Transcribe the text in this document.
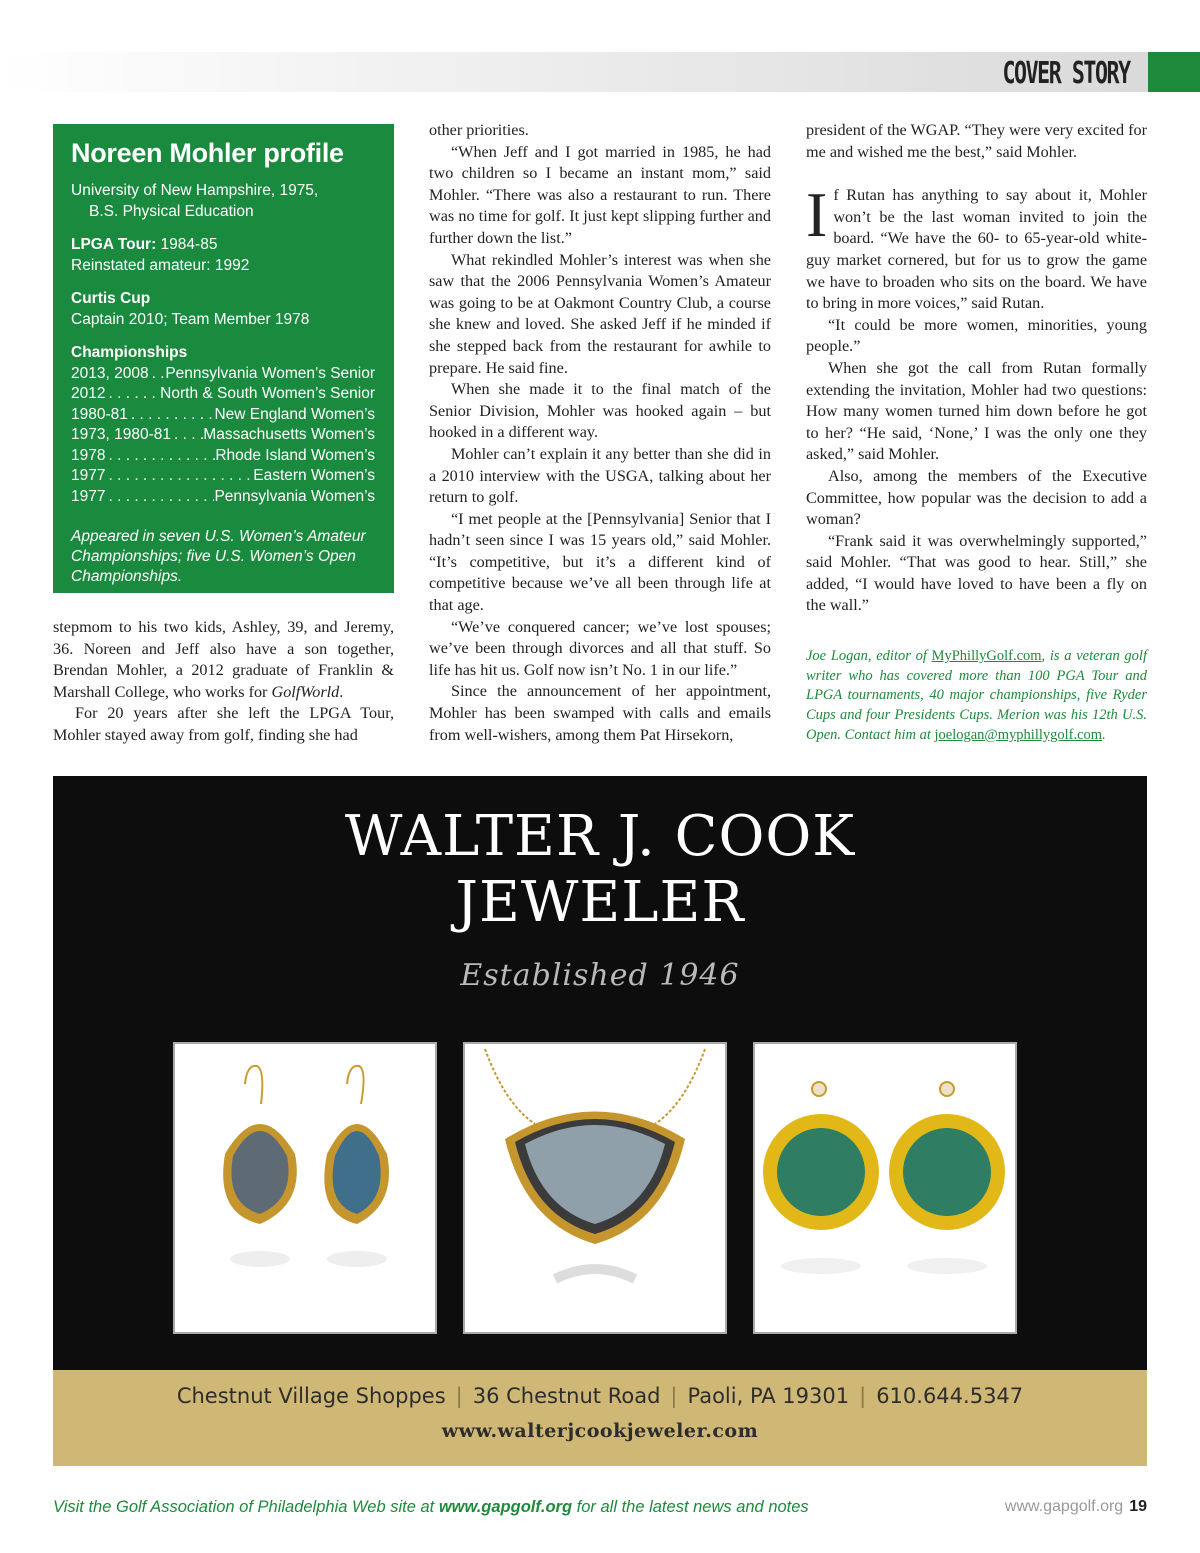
COVER STORY
Noreen Mohler profile
University of New Hampshire, 1975,
B.S. Physical Education
LPGA Tour: 1984-85
Reinstated amateur: 1992
Curtis Cup
Captain 2010; Team Member 1978
Championships
2013, 2008 . . . Pennsylvania Women’s Senior
2012 . . .	North & South Women’s Senior
1980-81 . . .	New England Women’s
1973, 1980-81 . . . Massachusetts Women’s
1978 . . .	Rhode Island Women’s
1977 . . .	Eastern Women’s
1977 . . .	Pennsylvania Women’s
Appeared in seven U.S. Women’s Amateur Championships; five U.S. Women’s Open Championships.

stepmom to his two kids, Ashley, 39, and Jeremy, 36. Noreen and Jeff also have a son together, Brendan Mohler, a 2012 graduate of Franklin & Marshall College, who works for GolfWorld.

For 20 years after she left the LPGA Tour, Mohler stayed away from golf, finding she had

other priorities.

“When Jeff and I got married in 1985, he had two children so I became an instant mom,” said Mohler. “There was also a restaurant to run. There was no time for golf. It just kept slipping further and further down the list.”

What rekindled Mohler’s interest was when she saw that the 2006 Pennsylvania Women’s Amateur was going to be at Oakmont Country Club, a course she knew and loved. She asked Jeff if he minded if she stepped back from the restaurant for awhile to prepare. He said fine.

When she made it to the final match of the Senior Division, Mohler was hooked again – but hooked in a different way.

Mohler can’t explain it any better than she did in a 2010 interview with the USGA, talking about her return to golf.

“I met people at the [Pennsylvania] Senior that I hadn’t seen since I was 15 years old,” said Mohler. “It’s competitive, but it’s a different kind of competitive because we’ve all been through life at that age.

“We’ve conquered cancer; we’ve lost spouses; we’ve been through divorces and all that stuff. So life has hit us. Golf now isn’t No. 1 in our life.”

Since the announcement of her appointment, Mohler has been swamped with calls and emails from well-wishers, among them Pat Hirsekorn,

president of the WGAP. “They were very excited for me and wished me the best,” said Mohler.

If Rutan has anything to say about it, Mohler won’t be the last woman invited to join the board. “We have the 60- to 65-year-old white-guy market cornered, but for us to grow the game we have to broaden who sits on the board. We have to bring in more voices,” said Rutan.

“It could be more women, minorities, young people.”

When she got the call from Rutan formally extending the invitation, Mohler had two questions: How many women turned him down before he got to her? “He said, ‘None,’ I was the only one they asked,” said Mohler.

Also, among the members of the Executive Committee, how popular was the decision to add a woman?

“Frank said it was overwhelmingly supported,” said Mohler. “That was good to hear. Still,” she added, “I would have loved to have been a fly on the wall.”

Joe Logan, editor of MyPhillyGolf.com, is a veteran golf writer who has covered more than 100 PGA Tour and LPGA tournaments, 40 major championships, five Ryder Cups and four Presidents Cups. Merion was his 12th U.S. Open. Contact him at joelogan@myphillygolf.com.
WALTER J. COOK
JEWELER
Established 1946
Chestnut Village Shoppes | 36 Chestnut Road | Paoli, PA 19301 | 610.644.5347
www.walterjcookjeweler.com
Visit the Golf Association of Philadelphia Web site at www.gapgolf.org for all the latest news and notes	www.gapgolf.org 19
